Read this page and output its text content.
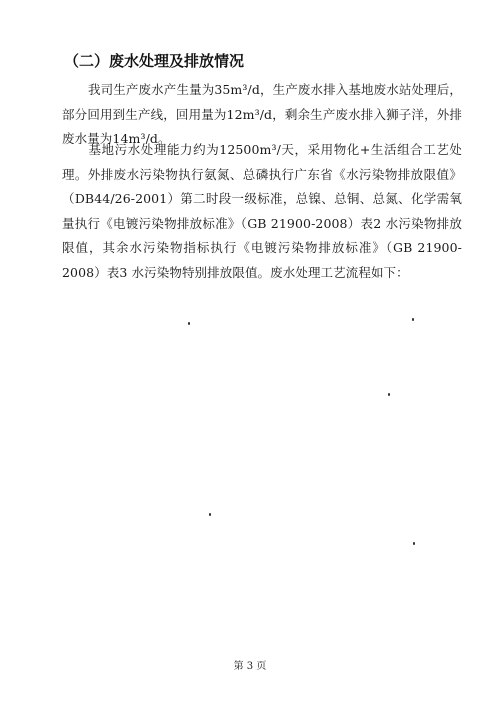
（二）废水处理及排放情况
我司生产废水产生量为35m³/d，生产废水排入基地废水站处理后，部分回用到生产线，回用量为12m³/d，剩余生产废水排入狮子洋，外排废水量为14m³/d。
基地污水处理能力约为12500m³/天，采用物化+生活组合工艺处理。外排废水污染物执行氨氮、总磷执行广东省《水污染物排放限值》（DB44/26-2001）第二时段一级标准，总镍、总铜、总氮、化学需氧量执行《电镀污染物排放标准》（GB 21900-2008）表2 水污染物排放限值，其余水污染物指标执行《电镀污染物排放标准》（GB 21900-2008）表3 水污染物特别排放限值。废水处理工艺流程如下：
第 3 页
